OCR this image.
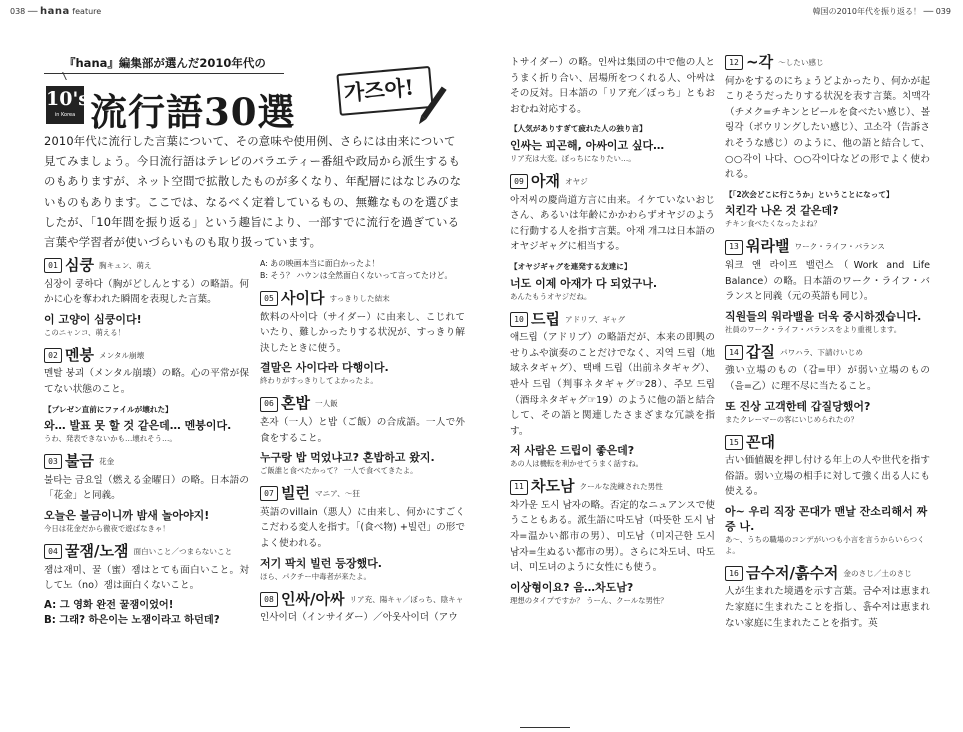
038 ── hana feature	韓国の2010年代を振り返る！ ── 039
『hana』編集部が選んだ2010年代の
10's
in Korea 流行語30選
가즈아!

2010年代に流行した言葉について、その意味や使用例、さらには由来について見てみましょう。今日流行語はテレビのバラエティー番組や政局から派生するものもありますが、ネット空間で拡散したものが多くなり、年配層にはなじみのないものもあります。ここでは、なるべく定着しているもの、無難なものを選びましたが、「10年間を振り返る」という趣旨により、一部すでに流行を過ぎている言葉や学習者が使いづらいものも取り扱っています。

01 심쿵 胸キュン、萌え

심장이 쿵하다（胸がどしんとする）の略語。何かに心を奪われた瞬間を表現した言葉。

이 고양이 심쿵이다!

このニャンコ、萌える！

02 멘붕 メンタル崩壊

멘탈 붕괴（メンタル崩壊）の略。心の平常が保てない状態のこと。

【プレゼン直前にファイルが壊れた】

와… 발표 못 할 것 같은데… 멘붕이다.

うわ、発表できないかも…壊れそう…。

03 불금 花金

불타는 금요일（燃える金曜日）の略。日本語の「花金」と同義。

오늘은 불금이니까 밤새 놀아야지!

今日は花金だから徹夜で遊ばなきゃ！

04 꿀잼/노잼 面白いこと／つまらないこと

잼は재미、꿀（蜜）잼はとても面白いこと。対して노（no）잼は面白くないこと。

A: 그 영화 완전 꿀잼이었어!

B: 그래? 하은이는 노잼이라고 하던데?

A: あの映画本当に面白かったよ！

B: そう？ ハウンは全然面白くないって言ってたけど。

05 사이다 すっきりした結末

飲料の사이다（サイダー）に由来し、こじれていたり、難しかったりする状況が、すっきり解決したときに使う。

결말은 사이다라 다행이다.

終わりがすっきりしてよかったよ。

06 혼밥 一人飯

혼자（一人）と밥（ご飯）の合成語。一人で外食をすること。

누구랑 밥 먹었냐고? 혼밥하고 왔지.

ご飯誰と食べたかって？ 一人で食べてきたよ。

07 빌런 マニア、～狂

英語のvillain（悪人）に由来し、何かにすごくこだわる変人を指す。「(食べ物) +빌런」の形でよく使われる。

저기 팍치 빌런 등장했다.

ほら、パクチー中毒者が来たよ。

08 인싸/아싸 リア充、陽キャ／ぼっち、陰キャ

인사이더（インサイダー）／아웃사이더（アウ

トサイダー）の略。인싸は集団の中で他の人とうまく折り合い、居場所をつくれる人、아싸はその反対。日本語の「リア充／ぼっち」ともおおむね対応する。

【人気がありすぎて疲れた人の独り言】

인싸는 피곤해, 아싸이고 싶다…

リア充は大変。ぼっちになりたい…。

09 아재 オヤジ

아저씨の慶尚道方言に由来。イケていないおじさん、あるいは年齢にかかわらずオヤジのように行動する人を指す言葉。아재 개그は日本語のオヤジギャグに相当する。

【オヤジギャグを連発する友達に】

너도 이제 아재가 다 되었구나.

あんたもうオヤジだね。

10 드립 アドリブ、ギャグ

애드립（アドリブ）の略語だが、本来の即興のせりふや演奏のことだけでなく、지역 드립（地域ネタギャグ）、택배 드립（出前ネタギャグ）、판사 드립（判事ネタギャグ☞28）、주모 드립（酒母ネタギャグ☞19）のように他の語と結合して、その語と関連したさまざまな冗談を指す。

저 사람은 드립이 좋은데?

あの人は機転を利かせてうまく話すね。

11 차도남 クールな洗練された男性

차가운 도시 남자の略。否定的なニュアンスで使うこともある。派生語に따도남（따뜻한 도시 남자=温かい都市の男）、미도남（미지근한 도시 남자=生ぬるい都市の男）。さらに차도녀、따도녀、미도녀のように女性にも使う。

이상형이요? 음…차도남?

理想のタイプですか？ うーん、クールな男性？

12 ~각 ～したい感じ

何かをするのにちょうどよかったり、何かが起こりそうだったりする状況を表す言葉。치맥각（チメク=チキンとビールを食べたい感じ）、볼링각（ボウリングしたい感じ）、고소각（告訴されそうな感じ）のように、他の語と結合して、○○각이 나다、○○각이다などの形でよく使われる。

【「2次会どこに行こうか」ということになって】

치킨각 나온 것 같은데?

チキン食べたくなったよね？

13 워라밸 ワーク・ライフ・バランス

워크 앤 라이프 밸런스（Work and Life Balance）の略。日本語のワーク・ライフ・バランスと同義（元の英語も同じ）。

직원들의 워라밸을 더욱 중시하겠습니다.

社員のワーク・ライフ・バランスをより重視します。

14 갑질 パワハラ、下請けいじめ

強い立場のもの（갑=甲）が弱い立場のもの（을=乙）に理不尽に当たること。

또 진상 고객한테 갑질당했어?

またクレーマーの客にいじめられたの？

15 꼰대

古い価値観を押し付ける年上の人や世代を指す俗語。弱い立場の相手に対して強く出る人にも使える。

아~ 우리 직장 꼰대가 맨날 잔소리해서 짜증 나.

あ～、うちの職場のコンデがいつも小言を言うからいらつくよ。

16 금수저/흙수저 金のさじ／土のさじ

人が生まれた境遇を示す言葉。금수저は恵まれた家庭に生まれたことを指し、흙수저は恵まれない家庭に生まれたことを指す。英
